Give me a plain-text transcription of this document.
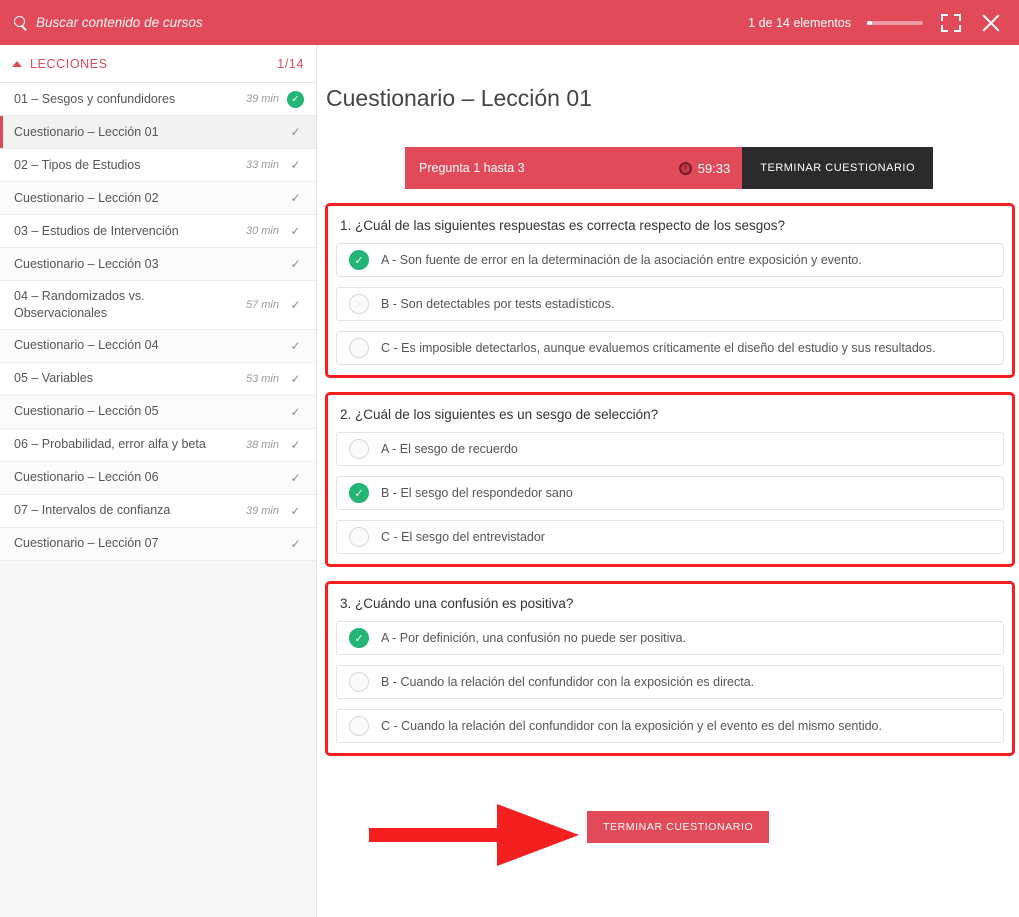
Buscar contenido de cursos
1 de 14 elementos
LECCIONES	1/14
01 – Sesgos y confundidores	39 min	✓
Cuestionario – Lección 01	✓
02 – Tipos de Estudios	33 min ✓
Cuestionario – Lección 02	✓
03 – Estudios de Intervención	30 min ✓
Cuestionario – Lección 03	✓
04 – Randomizados vs. Observacionales
57 min ✓
Cuestionario – Lección 04	✓
05 – Variables	53 min ✓
Cuestionario – Lección 05	✓
06 – Probabilidad, error alfa y beta	38 min ✓
Cuestionario – Lección 06	✓
07 – Intervalos de confianza	39 min ✓
Cuestionario – Lección 07	✓
Cuestionario – Lección 01
Pregunta 1 hasta 3	59:33	TERMINAR CUESTIONARIO
1. ¿Cuál de las siguientes respuestas es correcta respecto de los sesgos?
✓	A - Son fuente de error en la determinación de la asociación entre exposición y evento.
B - Son detectables por tests estadísticos.
C - Es imposible detectarlos, aunque evaluemos críticamente el diseño del estudio y sus resultados.
2. ¿Cuál de los siguientes es un sesgo de selección?
A - El sesgo de recuerdo
✓	B - El sesgo del respondedor sano
C - El sesgo del entrevistador
3. ¿Cuándo una confusión es positiva?
✓	A - Por definición, una confusión no puede ser positiva.
B - Cuando la relación del confundidor con la exposición es directa.
C - Cuando la relación del confundidor con la exposición y el evento es del mismo sentido.
TERMINAR CUESTIONARIO
